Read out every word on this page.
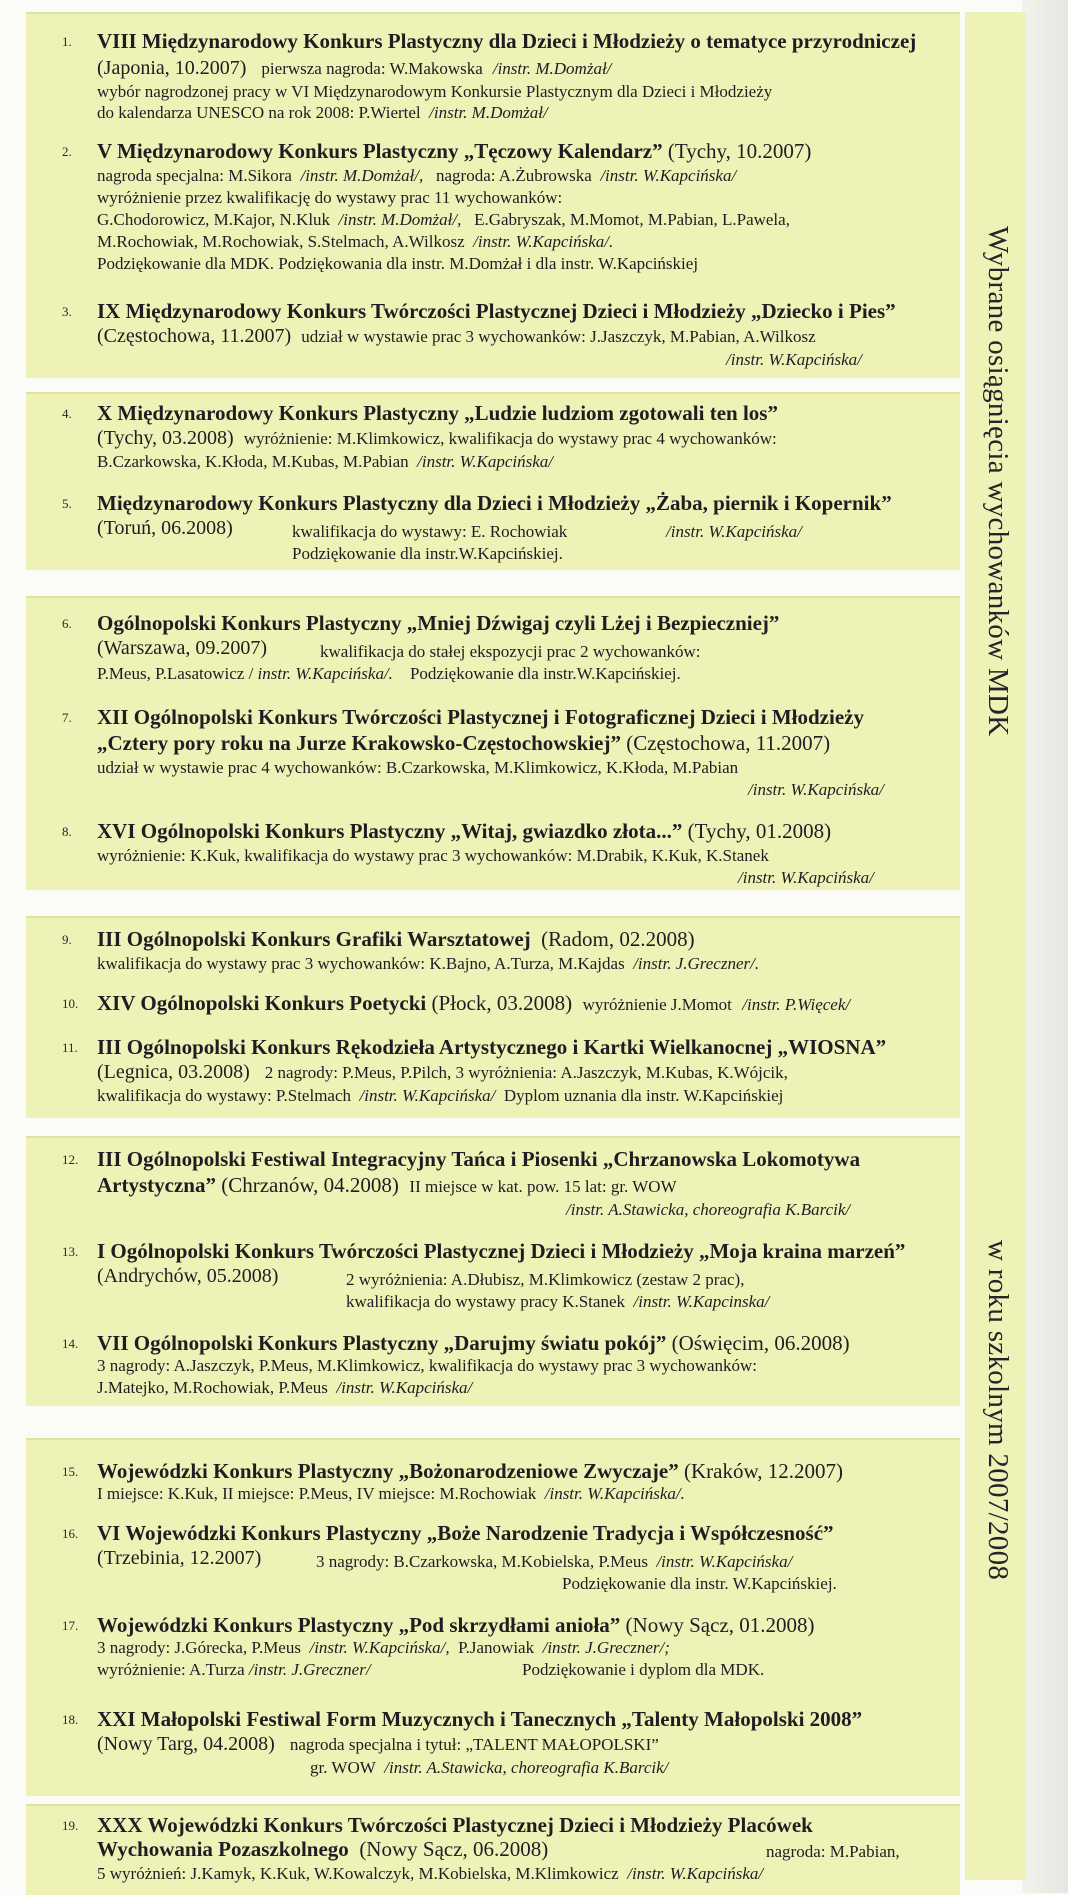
1. VIII Międzynarodowy Konkurs Plastyczny dla Dzieci i Młodzieży o tematyce przyrodniczej
(Japonia, 10.2007) pierwsza nagroda: W.Makowska /instr. M.Domżał/
wybór nagrodzonej pracy w VI Międzynarodowym Konkursie Plastycznym dla Dzieci i Młodzieży
do kalendarza UNESCO na rok 2008: P.Wiertel /instr. M.Domżał/
2. V Międzynarodowy Konkurs Plastyczny „Tęczowy Kalendarz” (Tychy, 10.2007)
nagroda specjalna: M.Sikora /instr. M.Domżał/, nagroda: A.Żubrowska /instr. W.Kapcińska/
wyróżnienie przez kwalifikację do wystawy prac 11 wychowanków:
G.Chodorowicz, M.Kajor, N.Kluk /instr. M.Domżał/, E.Gabryszak, M.Momot, M.Pabian, L.Pawela,
M.Rochowiak, M.Rochowiak, S.Stelmach, A.Wilkosz /instr. W.Kapcińska/.
Podziękowanie dla MDK. Podziękowania dla instr. M.Domżał i dla instr. W.Kapcińskiej
3. IX Międzynarodowy Konkurs Twórczości Plastycznej Dzieci i Młodzieży „Dziecko i Pies”
(Częstochowa, 11.2007) udział w wystawie prac 3 wychowanków: J.Jaszczyk, M.Pabian, A.Wilkosz
/instr. W.Kapcińska/
4. X Międzynarodowy Konkurs Plastyczny „Ludzie ludziom zgotowali ten los”
(Tychy, 03.2008) wyróżnienie: M.Klimkowicz, kwalifikacja do wystawy prac 4 wychowanków:
B.Czarkowska, K.Kłoda, M.Kubas, M.Pabian /instr. W.Kapcińska/
5. Międzynarodowy Konkurs Plastyczny dla Dzieci i Młodzieży „Żaba, piernik i Kopernik”
(Toruń, 06.2008)	kwalifikacja do wystawy: E. Rochowiak	/instr. W.Kapcińska/
Podziękowanie dla instr.W.Kapcińskiej.
6. Ogólnopolski Konkurs Plastyczny „Mniej Dźwigaj czyli Lżej i Bezpieczniej”
(Warszawa, 09.2007)	kwalifikacja do stałej ekspozycji prac 2 wychowanków:
P.Meus, P.Lasatowicz / instr. W.Kapcińska/. Podziękowanie dla instr.W.Kapcińskiej.
7. XII Ogólnopolski Konkurs Twórczości Plastycznej i Fotograficznej Dzieci i Młodzieży
„Cztery pory roku na Jurze Krakowsko-Częstochowskiej” (Częstochowa, 11.2007)
udział w wystawie prac 4 wychowanków: B.Czarkowska, M.Klimkowicz, K.Kłoda, M.Pabian
/instr. W.Kapcińska/
8. XVI Ogólnopolski Konkurs Plastyczny „Witaj, gwiazdko złota...” (Tychy, 01.2008)
wyróżnienie: K.Kuk, kwalifikacja do wystawy prac 3 wychowanków: M.Drabik, K.Kuk, K.Stanek
/instr. W.Kapcińska/
9. III Ogólnopolski Konkurs Grafiki Warsztatowej (Radom, 02.2008)
kwalifikacja do wystawy prac 3 wychowanków: K.Bajno, A.Turza, M.Kajdas /instr. J.Greczner/.
10. XIV Ogólnopolski Konkurs Poetycki (Płock, 03.2008) wyróżnienie J.Momot /instr. P.Więcek/
11. III Ogólnopolski Konkurs Rękodzieła Artystycznego i Kartki Wielkanocnej „WIOSNA”
(Legnica, 03.2008) 2 nagrody: P.Meus, P.Pilch, 3 wyróżnienia: A.Jaszczyk, M.Kubas, K.Wójcik,
kwalifikacja do wystawy: P.Stelmach /instr. W.Kapcińska/ Dyplom uznania dla instr. W.Kapcińskiej
12. III Ogólnopolski Festiwal Integracyjny Tańca i Piosenki „Chrzanowska Lokomotywa
Artystyczna” (Chrzanów, 04.2008) II miejsce w kat. pow. 15 lat: gr. WOW
/instr. A.Stawicka, choreografia K.Barcik/
13. I Ogólnopolski Konkurs Twórczości Plastycznej Dzieci i Młodzieży „Moja kraina marzeń”
(Andrychów, 05.2008)	2 wyróżnienia: A.Dłubisz, M.Klimkowicz (zestaw 2 prac),
kwalifikacja do wystawy pracy K.Stanek /instr. W.Kapcinska/
14. VII Ogólnopolski Konkurs Plastyczny „Darujmy światu pokój” (Oświęcim, 06.2008)
3 nagrody: A.Jaszczyk, P.Meus, M.Klimkowicz, kwalifikacja do wystawy prac 3 wychowanków:
J.Matejko, M.Rochowiak, P.Meus /instr. W.Kapcińska/
15. Wojewódzki Konkurs Plastyczny „Bożonarodzeniowe Zwyczaje” (Kraków, 12.2007)
I miejsce: K.Kuk, II miejsce: P.Meus, IV miejsce: M.Rochowiak /instr. W.Kapcińska/.
16. VI Wojewódzki Konkurs Plastyczny „Boże Narodzenie Tradycja i Współczesność”
(Trzebinia, 12.2007)	3 nagrody: B.Czarkowska, M.Kobielska, P.Meus /instr. W.Kapcińska/
Podziękowanie dla instr. W.Kapcińskiej.
17. Wojewódzki Konkurs Plastyczny „Pod skrzydłami anioła” (Nowy Sącz, 01.2008)
3 nagrody: J.Górecka, P.Meus /instr. W.Kapcińska/, P.Janowiak /instr. J.Greczner/;
wyróżnienie: A.Turza /instr. J.Greczner/	Podziękowanie i dyplom dla MDK.
18. XXI Małopolski Festiwal Form Muzycznych i Tanecznych „Talenty Małopolski 2008”
(Nowy Targ, 04.2008) nagroda specjalna i tytuł: „TALENT MAŁOPOLSKI”
gr. WOW /instr. A.Stawicka, choreografia K.Barcik/
19. XXX Wojewódzki Konkurs Twórczości Plastycznej Dzieci i Młodzieży Placówek
Wychowania Pozaszkolnego (Nowy Sącz, 06.2008)	nagroda: M.Pabian,
5 wyróżnień: J.Kamyk, K.Kuk, W.Kowalczyk, M.Kobielska, M.Klimkowicz /instr. W.Kapcińska/
Wybrane osiągnięcia wychowanków MDK
w roku szkolnym 2007/2008
